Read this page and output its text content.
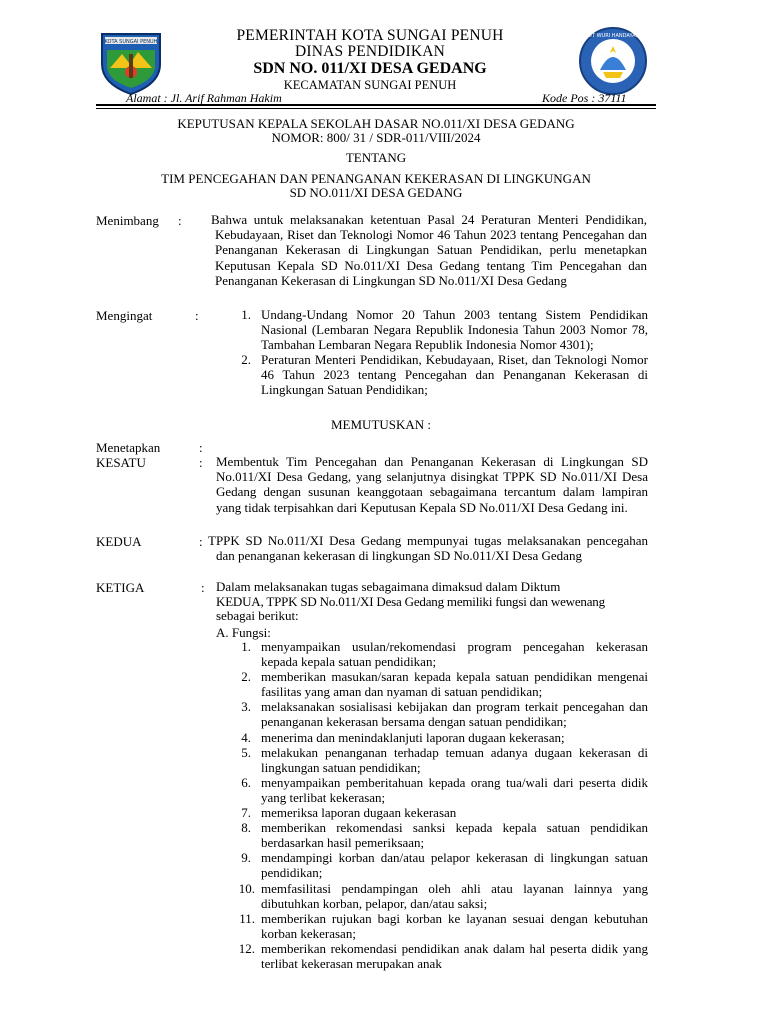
KOTA SUNGAI PENUH
TUT WURI HANDAYANI
PEMERINTAH KOTA SUNGAI PENUH
DINAS PENDIDIKAN
SDN NO. 011/XI DESA GEDANG
KECAMATAN SUNGAI PENUH
Alamat : Jl. Arif Rahman Hakim	Kode Pos : 37111
KEPUTUSAN KEPALA SEKOLAH DASAR NO.011/XI DESA GEDANG
NOMOR: 800/ 31 / SDR-011/VIII/2024
TENTANG
TIM PENCEGAHAN DAN PENANGANAN KEKERASAN DI LINGKUNGAN
SD NO.011/XI DESA GEDANG
Menimbang : Bahwa untuk melaksanakan ketentuan Pasal 24 Peraturan Menteri Pendidikan, Kebudayaan, Riset dan Teknologi Nomor 46 Tahun 2023 tentang Pencegahan dan Penanganan Kekerasan di Lingkungan Satuan Pendidikan, perlu menetapkan Keputusan Kepala SD No.011/XI Desa Gedang tentang Tim Pencegahan dan Penanganan Kekerasan di Lingkungan SD No.011/XI Desa Gedang
Mengingat	:	1. Undang-Undang Nomor 20 Tahun 2003 tentang Sistem Pendidikan Nasional (Lembaran Negara Republik Indonesia Tahun 2003 Nomor 78, Tambahan Lembaran Negara Republik Indonesia Nomor 4301);
2. Peraturan Menteri Pendidikan, Kebudayaan, Riset, dan Teknologi Nomor 46 Tahun 2023 tentang Pencegahan dan Penanganan Kekerasan di Lingkungan Satuan Pendidikan;
MEMUTUSKAN :
Menetapkan	:
KESATU	: Membentuk Tim Pencegahan dan Penanganan Kekerasan di Lingkungan SD No.011/XI Desa Gedang, yang selanjutnya disingkat TPPK SD No.011/XI Desa Gedang dengan susunan keanggotaan sebagaimana tercantum dalam lampiran yang tidak terpisahkan dari Keputusan Kepala SD No.011/XI Desa Gedang ini.
KEDUA	: TPPK SD No.011/XI Desa Gedang mempunyai tugas melaksanakan pencegahan dan penanganan kekerasan di lingkungan SD No.011/XI Desa Gedang
KETIGA	: Dalam melaksanakan tugas sebagaimana dimaksud dalam Diktum
KEDUA, TPPK SD No.011/XI Desa Gedang memiliki fungsi dan wewenang
sebagai berikut:
A. Fungsi:
1. menyampaikan usulan/rekomendasi program pencegahan kekerasan kepada kepala satuan pendidikan;
2. memberikan masukan/saran kepada kepala satuan pendidikan mengenai fasilitas yang aman dan nyaman di satuan pendidikan;
3. melaksanakan sosialisasi kebijakan dan program terkait pencegahan dan penanganan kekerasan bersama dengan satuan pendidikan;
4. menerima dan menindaklanjuti laporan dugaan kekerasan;
5. melakukan penanganan terhadap temuan adanya dugaan kekerasan di lingkungan satuan pendidikan;
6. menyampaikan pemberitahuan kepada orang tua/wali dari peserta didik yang terlibat kekerasan;
7. memeriksa laporan dugaan kekerasan
8. memberikan rekomendasi sanksi kepada kepala satuan pendidikan berdasarkan hasil pemeriksaan;
9. mendampingi korban dan/atau pelapor kekerasan di lingkungan satuan pendidikan;
10. memfasilitasi pendampingan oleh ahli atau layanan lainnya yang dibutuhkan korban, pelapor, dan/atau saksi;
11. memberikan rujukan bagi korban ke layanan sesuai dengan kebutuhan korban kekerasan;
12. memberikan rekomendasi pendidikan anak dalam hal peserta didik yang terlibat kekerasan merupakan anak
